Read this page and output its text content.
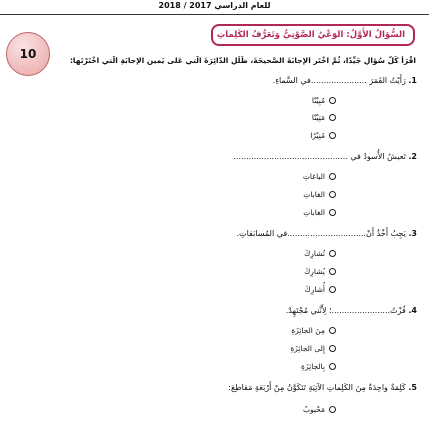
للعام الدراسي 2017 / 2018
10
السُّؤالُ الأَوَّلُ: الوَعْيُ الصَّوْتِيُّ وَتَعَرُّفُ الكَلِماتِ
اقْرَأْ كُلَّ سُؤالٍ جَيِّدًا، ثُمَّ اخْتَرِ الإِجابَةَ الصَّحيحَةَ، ظَلِّلِ الدّائِرَةَ الَّتي عَلى يَمينِ الإِجابَةِ الَّتي اخْتَرْتَها:
1. رَأَيْتُ القَمَرَ ......................في السَّماءِ.
مُبِيْنًا
مَتِيْنًا
مُنِيْرًا
2. تَعيشُ الأُسودُ في .............................................
الباغاتِ
الغاباتِ
الغاباتِ
3. يَجِبُ أَخْذُ أَنْ...............................في المُسابَقاتِ.
تُشارِكَ
يُشارِكَ
أُشارِكَ
4. فُزْتُ.......................؛ لِأَنَّني مُجْتَهِدٌ.
مِنَ الجائِزَةِ
إِلى الجائِزَةِ
بِالجائِزَةِ
5. كَلِمَةٌ واحِدَةٌ مِنَ الكَلِماتِ الآتِيَةِ تَتَكَوَّنُ مِنْ أَرْبَعَةِ مَقاطِعَ:
مَحْبوبٌ
